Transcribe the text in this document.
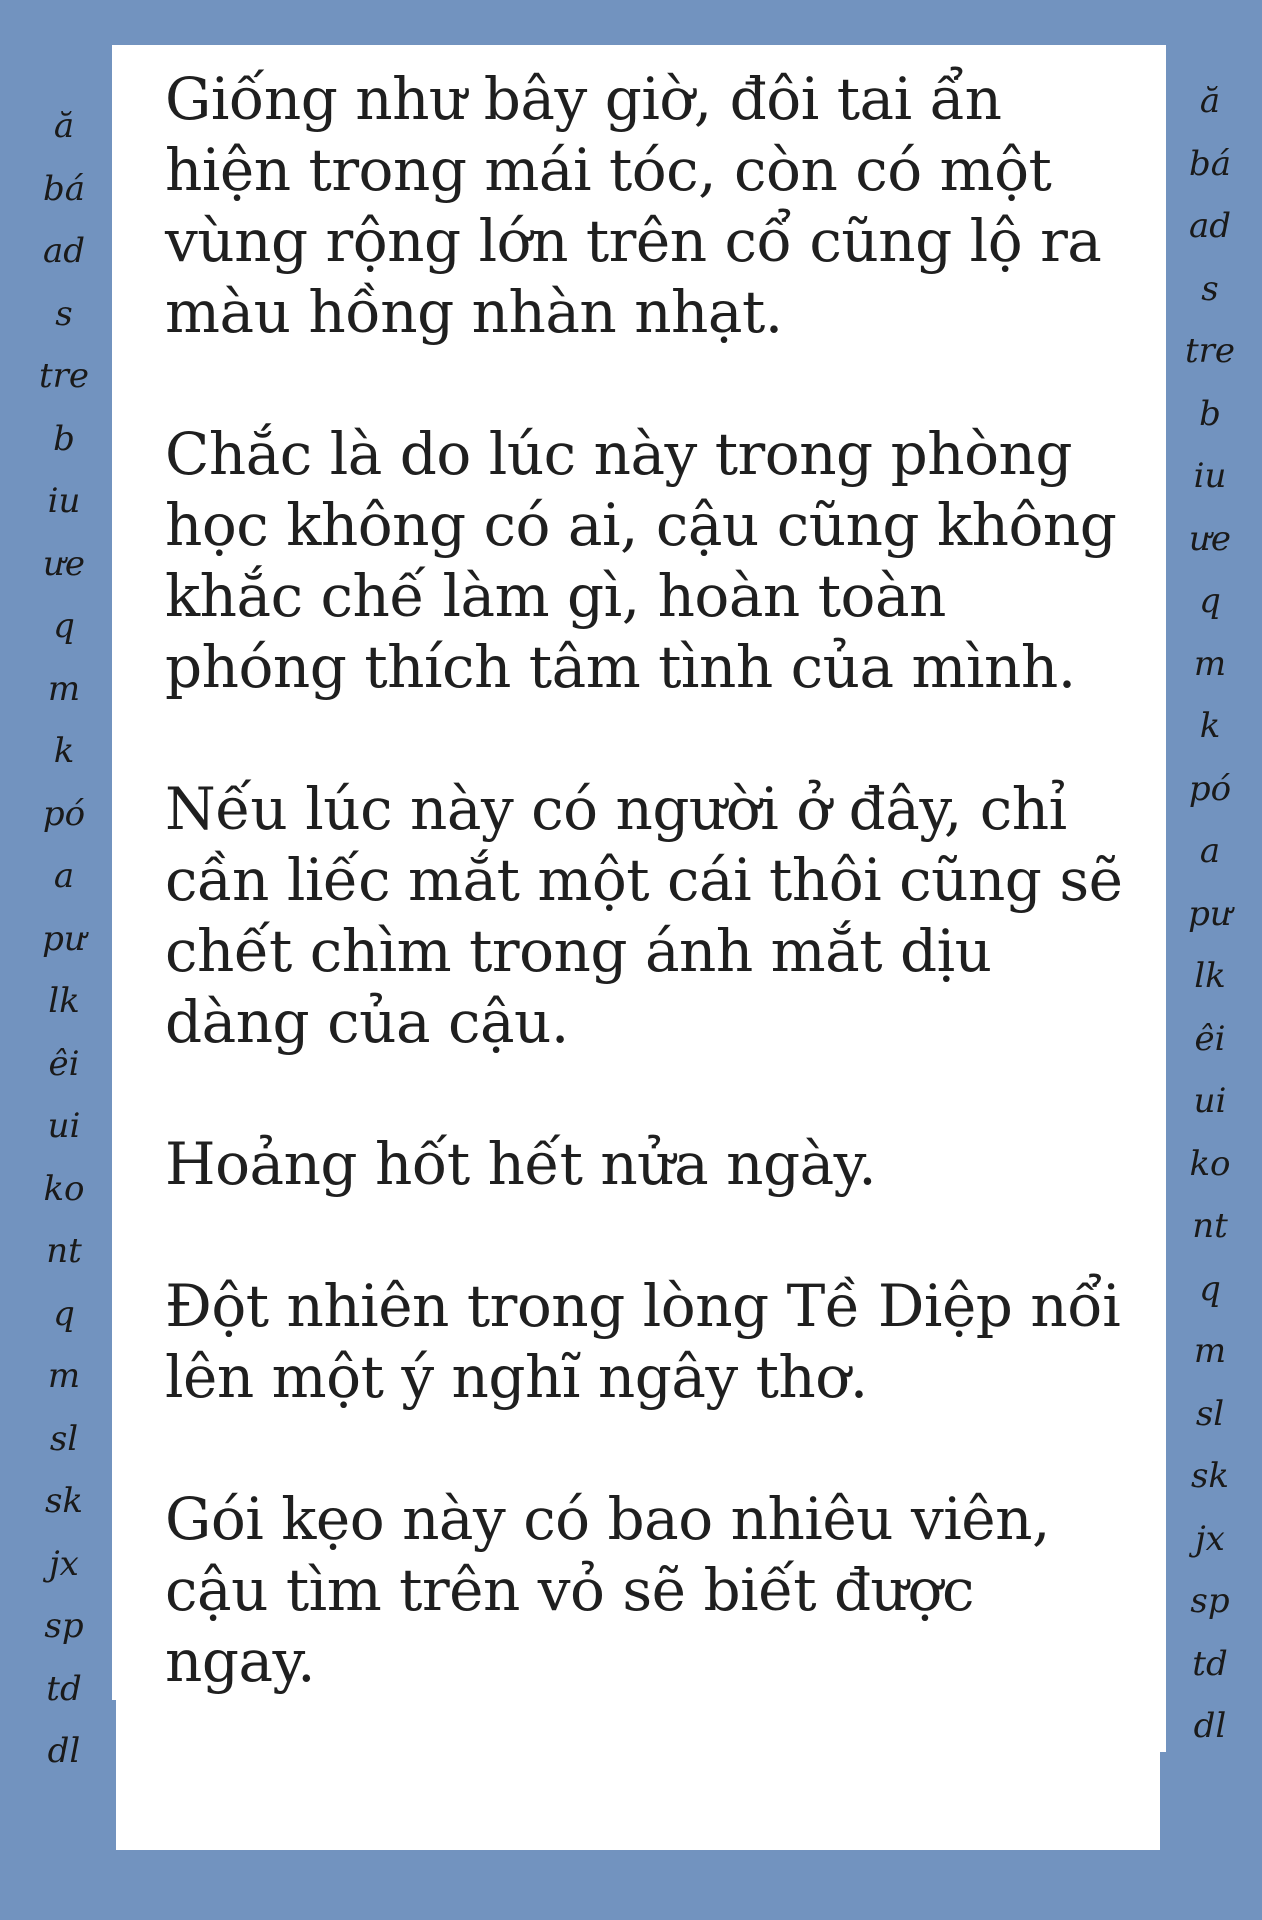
ă
bá
ad
s
tre
b
iu
ưe
q
m
k
pó
a
pư
lk
êi
ui
ko
nt
q
m
sl
sk
jx
sp
td
dl

Giống như bây giờ, đôi tai ẩn
hiện trong mái tóc, còn có một
vùng rộng lớn trên cổ cũng lộ ra
màu hồng nhàn nhạt.

Chắc là do lúc này trong phòng
học không có ai, cậu cũng không
khắc chế làm gì, hoàn toàn
phóng thích tâm tình của mình.

Nếu lúc này có người ở đây, chỉ
cần liếc mắt một cái thôi cũng sẽ
chết chìm trong ánh mắt dịu
dàng của cậu.

Hoảng hốt hết nửa ngày.

Đột nhiên trong lòng Tề Diệp nổi
lên một ý nghĩ ngây thơ.

Gói kẹo này có bao nhiêu viên,
cậu tìm trên vỏ sẽ biết được
ngay.

ă
bá
ad
s
tre
b
iu
ưe
q
m
k
pó
a
pư
lk
êi
ui
ko
nt
q
m
sl
sk
jx
sp
td
dl
